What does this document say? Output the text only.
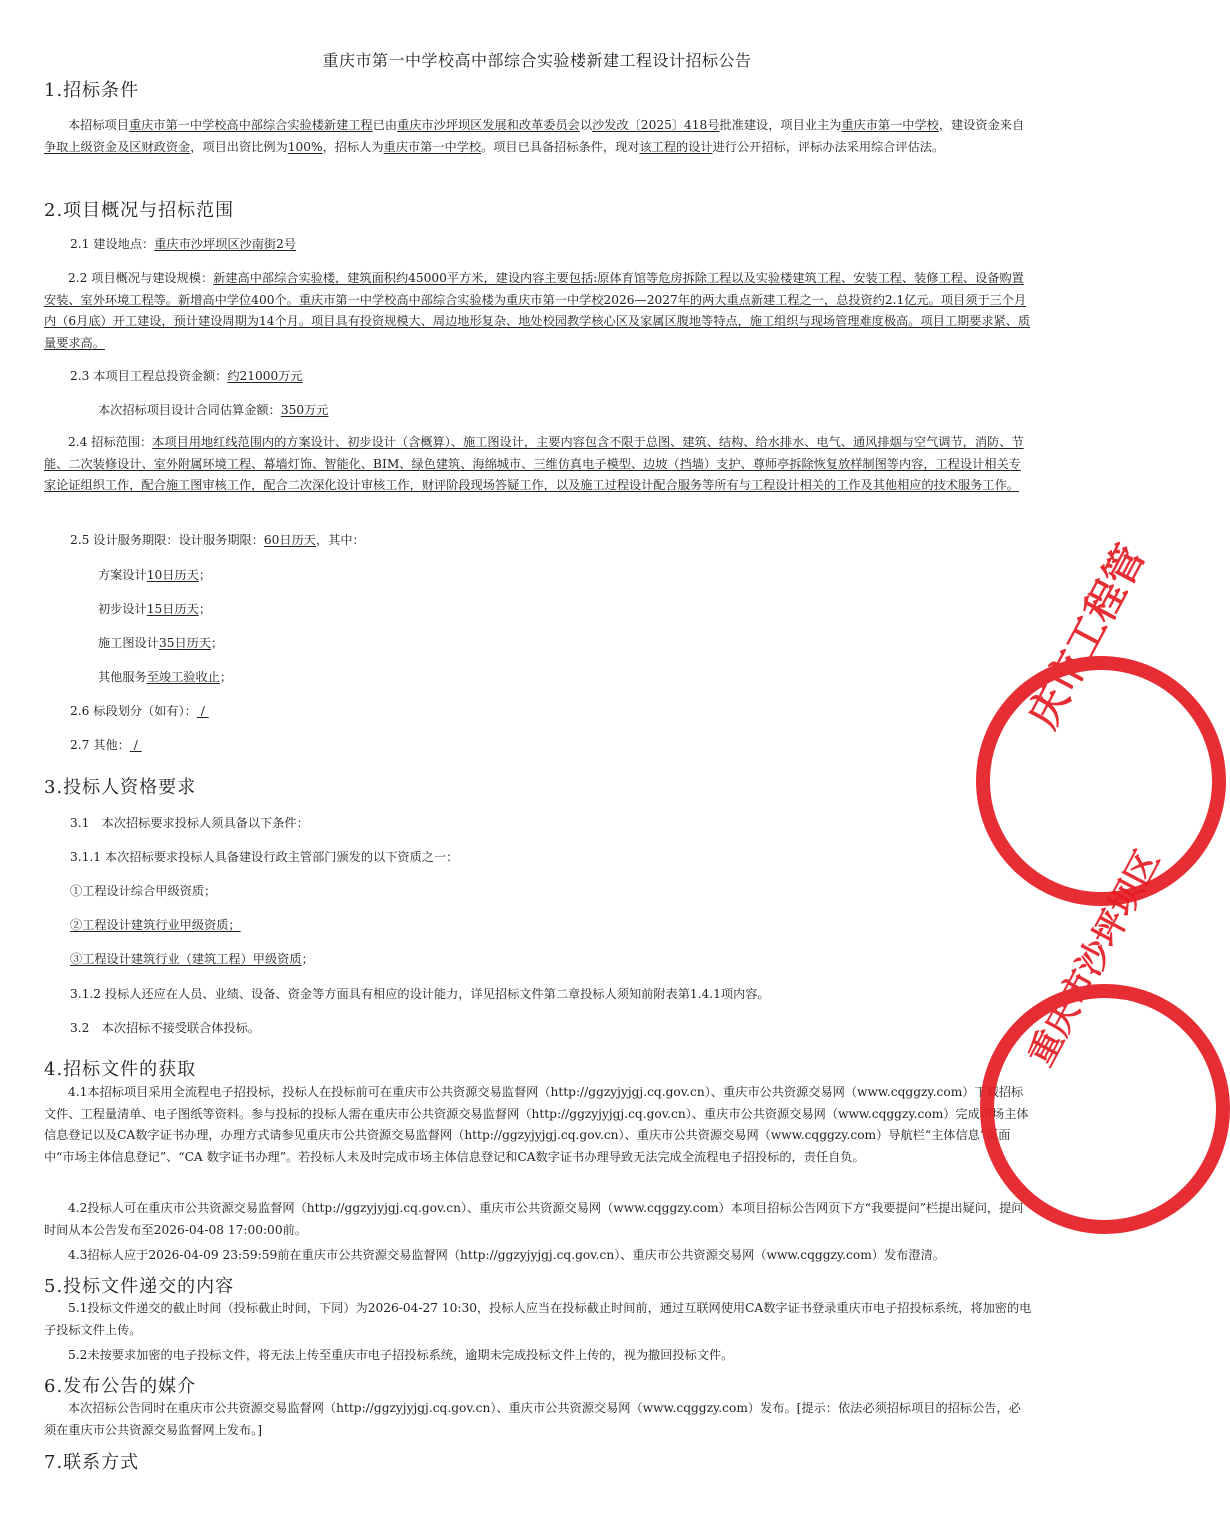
重庆市第一中学校高中部综合实验楼新建工程设计招标公告
1.招标条件
本招标项目重庆市第一中学校高中部综合实验楼新建工程已由重庆市沙坪坝区发展和改革委员会以沙发改〔2025〕418号批准建设，项目业主为重庆市第一中学校，建设资金来自争取上级资金及区财政资金，项目出资比例为100%，招标人为重庆市第一中学校。项目已具备招标条件，现对该工程的设计进行公开招标，评标办法采用综合评估法。
2.项目概况与招标范围
2.1 建设地点：重庆市沙坪坝区沙南街2号
2.2 项目概况与建设规模：新建高中部综合实验楼，建筑面积约45000平方米，建设内容主要包括:原体育馆等危房拆除工程以及实验楼建筑工程、安装工程、装修工程、设备购置安装、室外环境工程等。新增高中学位400个。重庆市第一中学校高中部综合实验楼为重庆市第一中学校2026—2027年的两大重点新建工程之一，总投资约2.1亿元。项目须于三个月内（6月底）开工建设，预计建设周期为14个月。项目具有投资规模大、周边地形复杂、地处校园教学核心区及家属区腹地等特点，施工组织与现场管理难度极高。项目工期要求紧、质量要求高。
2.3 本项目工程总投资金额：约21000万元
本次招标项目设计合同估算金额：350万元
2.4 招标范围：本项目用地红线范围内的方案设计、初步设计（含概算）、施工图设计，主要内容包含不限于总图、建筑、结构、给水排水、电气、通风排烟与空气调节，消防、节能、二次装修设计、室外附属环境工程、幕墙灯饰、智能化、BIM、绿色建筑、海绵城市、三维仿真电子模型、边坡（挡墙）支护、尊师亭拆除恢复放样制图等内容，工程设计相关专家论证组织工作，配合施工图审核工作，配合二次深化设计审核工作，财评阶段现场答疑工作，以及施工过程设计配合服务等所有与工程设计相关的工作及其他相应的技术服务工作。
2.5 设计服务期限：设计服务期限：60日历天，其中：
方案设计10日历天；
初步设计15日历天；
施工图设计35日历天；
其他服务至竣工验收止；
2.6 标段划分（如有）： /
2.7 其他： /
3.投标人资格要求
3.1　本次招标要求投标人须具备以下条件：
3.1.1 本次招标要求投标人具备建设行政主管部门颁发的以下资质之一：
①工程设计综合甲级资质；
②工程设计建筑行业甲级资质；
③工程设计建筑行业（建筑工程）甲级资质；
3.1.2 投标人还应在人员、业绩、设备、资金等方面具有相应的设计能力，详见招标文件第二章投标人须知前附表第1.4.1项内容。
3.2　本次招标不接受联合体投标。
4.招标文件的获取
4.1本招标项目采用全流程电子招投标，投标人在投标前可在重庆市公共资源交易监督网（http://ggzyjyjgj.cq.gov.cn）、重庆市公共资源交易网（www.cqggzy.com）下载招标文件、工程量清单、电子图纸等资料。参与投标的投标人需在重庆市公共资源交易监督网（http://ggzyjyjgj.cq.gov.cn）、重庆市公共资源交易网（www.cqggzy.com）完成市场主体信息登记以及CA数字证书办理，办理方式请参见重庆市公共资源交易监督网（http://ggzyjyjgj.cq.gov.cn）、重庆市公共资源交易网（www.cqggzy.com）导航栏“主体信息”页面中“市场主体信息登记”、“CA 数字证书办理”。若投标人未及时完成市场主体信息登记和CA数字证书办理导致无法完成全流程电子招投标的，责任自负。
4.2投标人可在重庆市公共资源交易监督网（http://ggzyjyjgj.cq.gov.cn）、重庆市公共资源交易网（www.cqggzy.com）本项目招标公告网页下方“我要提问”栏提出疑问，提问时间从本公告发布至2026-04-08 17:00:00前。
4.3招标人应于2026-04-09 23:59:59前在重庆市公共资源交易监督网（http://ggzyjyjgj.cq.gov.cn）、重庆市公共资源交易网（www.cqggzy.com）发布澄清。
5.投标文件递交的内容
5.1投标文件递交的截止时间（投标截止时间，下同）为2026-04-27 10:30，投标人应当在投标截止时间前，通过互联网使用CA数字证书登录重庆市电子招投标系统，将加密的电子投标文件上传。
5.2未按要求加密的电子投标文件，将无法上传至重庆市电子招投标系统，逾期未完成投标文件上传的，视为撤回投标文件。
6.发布公告的媒介
本次招标公告同时在重庆市公共资源交易监督网（http://ggzyjyjgj.cq.gov.cn）、重庆市公共资源交易网（www.cqggzy.com）发布。[提示：依法必须招标项目的招标公告，必须在重庆市公共资源交易监督网上发布。]
7.联系方式
庆市工程管
重庆市沙坪坝区
